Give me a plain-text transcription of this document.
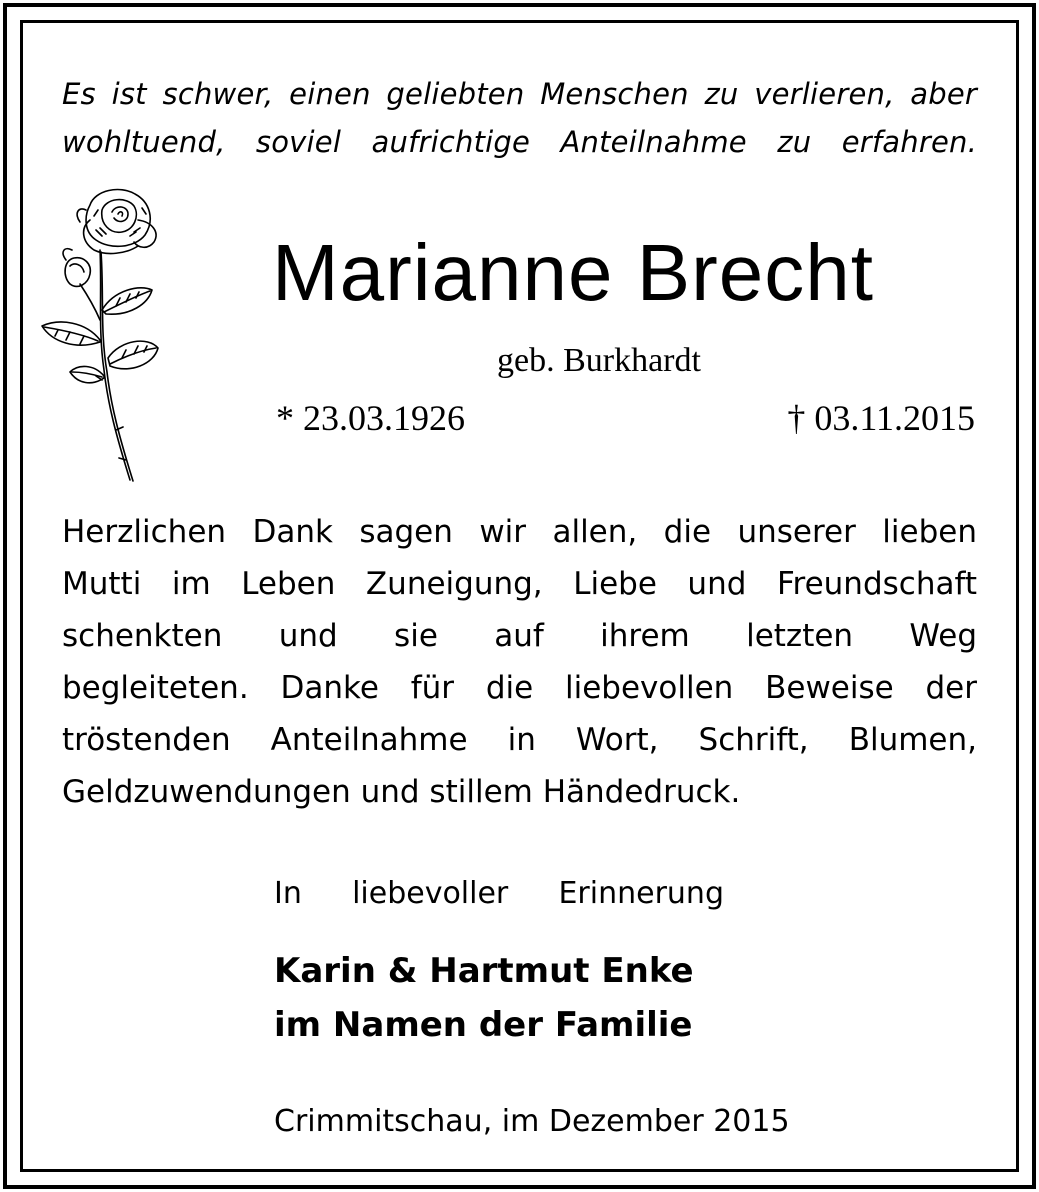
Es ist schwer, einen geliebten Menschen zu verlieren, aber
wohltuend, soviel aufrichtige Anteilnahme zu erfahren.
Marianne Brecht
geb. Burkhardt
* 23.03.1926	† 03.11.2015
Herzlichen Dank sagen wir allen, die unserer lieben
Mutti im Leben Zuneigung, Liebe und Freundschaft
schenkten und sie auf ihrem letzten Weg
begleiteten. Danke für die liebevollen Beweise der
tröstenden Anteilnahme in Wort, Schrift, Blumen,
Geldzuwendungen und stillem Händedruck.
In liebevoller Erinnerung
Karin & Hartmut Enke
im Namen der Familie
Crimmitschau, im Dezember 2015
